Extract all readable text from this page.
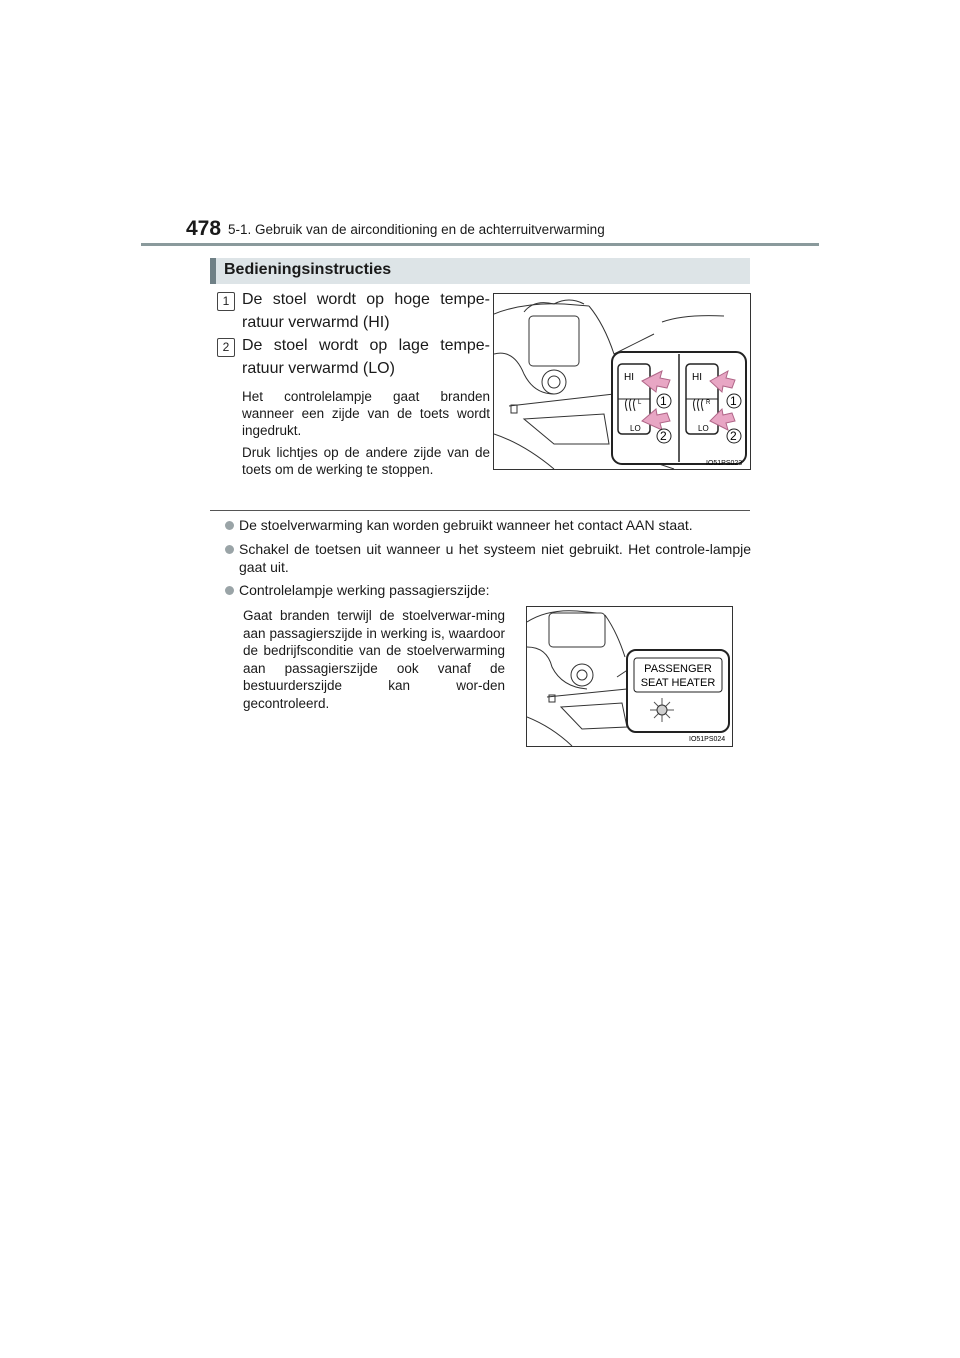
478 5-1. Gebruik van de airconditioning en de achterruitverwarming
Bedieningsinstructies
1 De stoel wordt op hoge tempe-
ratuur verwarmd (HI)
2 De stoel wordt op lage tempe-
ratuur verwarmd (LO)
Het controlelampje gaat branden wanneer een zijde van de toets wordt ingedrukt.
Druk lichtjes op de andere zijde van de toets om de werking te stoppen.
HI
LO
L 1
2
HI
LO
R 1
2
IO51PS023
De stoelverwarming kan worden gebruikt wanneer het contact AAN staat.
Schakel de toetsen uit wanneer u het systeem niet gebruikt. Het controle-lampje gaat uit.
Controlelampje werking passagierszijde:
Gaat branden terwijl de stoelverwar-ming aan passagierszijde in werking is, waardoor de bedrijfsconditie van de stoelverwarming aan passagierszijde ook vanaf de bestuurderszijde kan wor-den gecontroleerd.
PASSENGER
SEAT HEATER
IO51PS024
